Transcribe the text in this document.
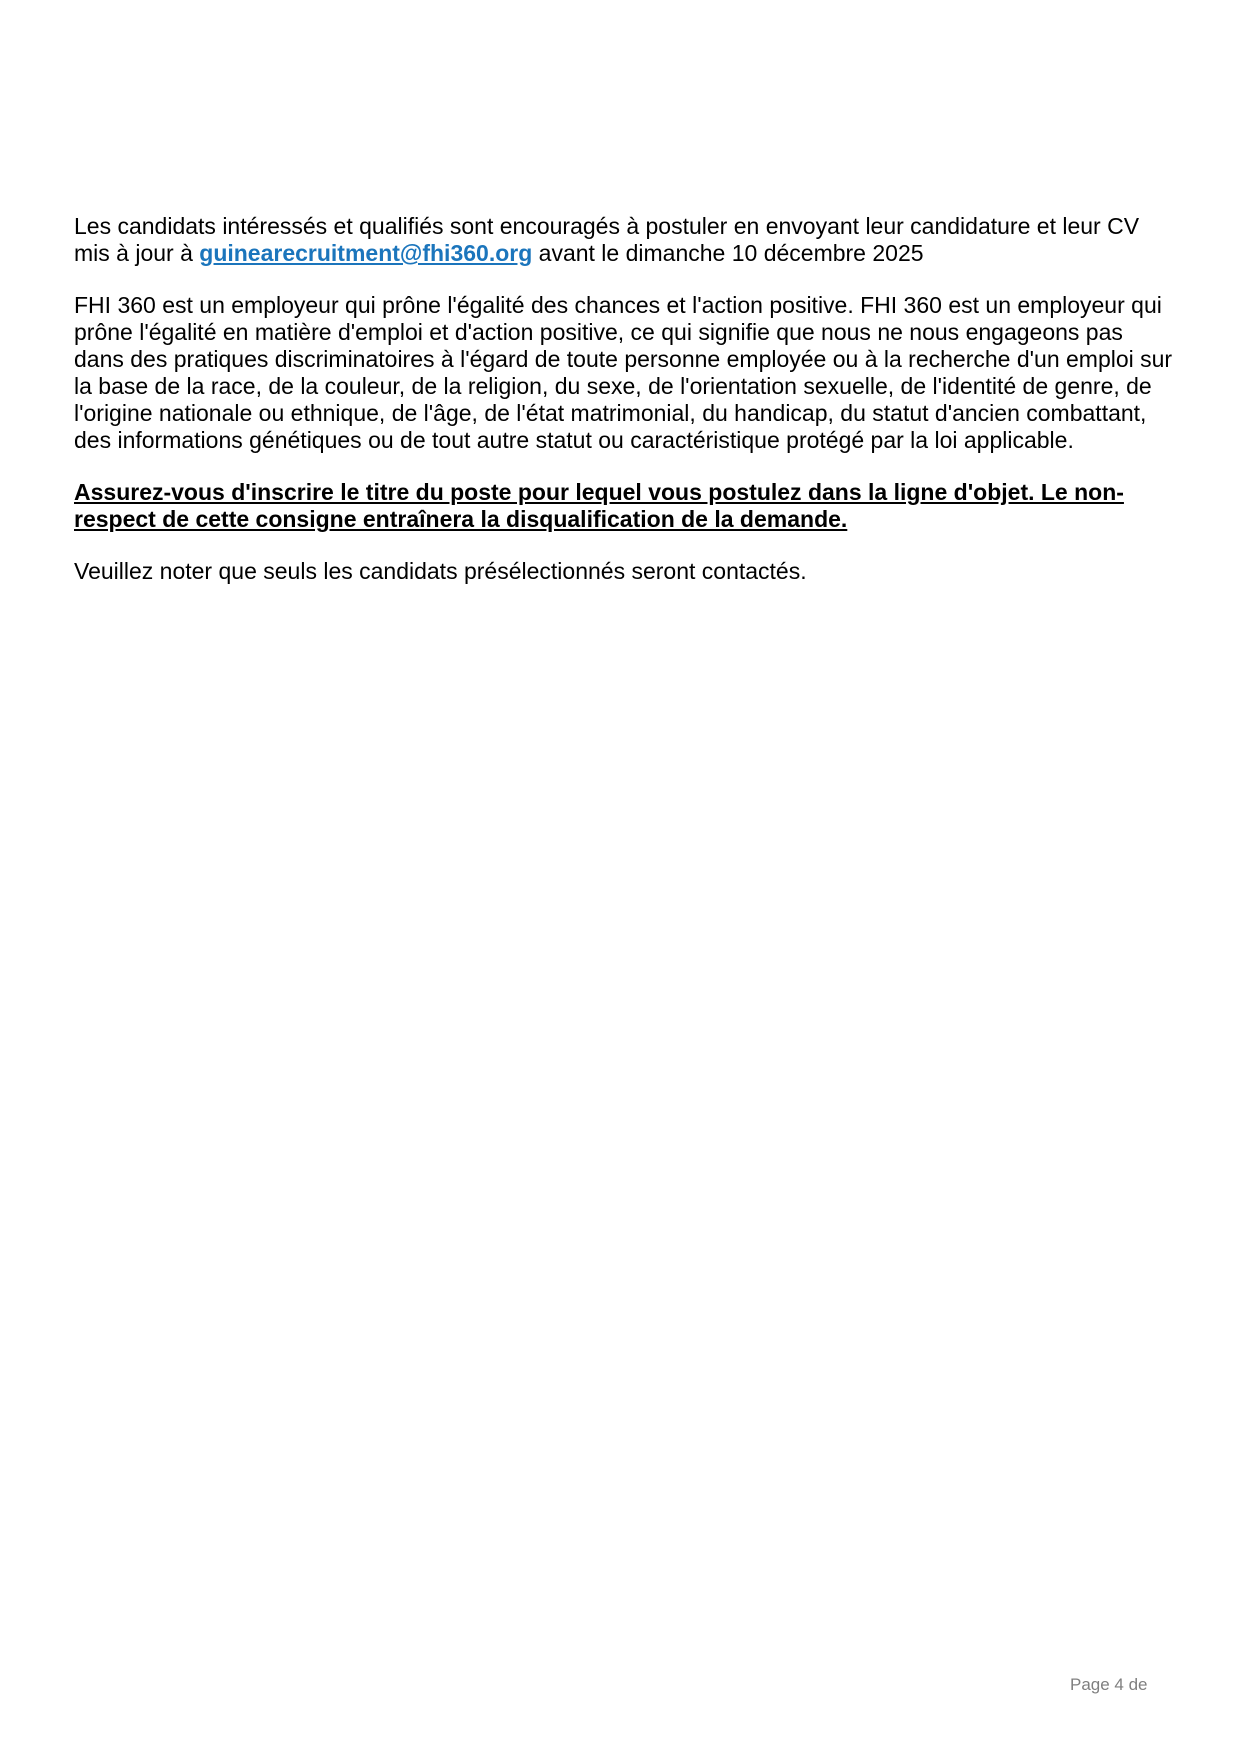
Les candidats intéressés et qualifiés sont encouragés à postuler en envoyant leur candidature et leur CV mis à jour à guinearecruitment@fhi360.org avant le dimanche 10 décembre 2025

FHI 360 est un employeur qui prône l'égalité des chances et l'action positive. FHI 360 est un employeur qui prône l'égalité en matière d'emploi et d'action positive, ce qui signifie que nous ne nous engageons pas dans des pratiques discriminatoires à l'égard de toute personne employée ou à la recherche d'un emploi sur la base de la race, de la couleur, de la religion, du sexe, de l'orientation sexuelle, de l'identité de genre, de l'origine nationale ou ethnique, de l'âge, de l'état matrimonial, du handicap, du statut d'ancien combattant, des informations génétiques ou de tout autre statut ou caractéristique protégé par la loi applicable.

Assurez-vous d'inscrire le titre du poste pour lequel vous postulez dans la ligne d'objet. Le non-respect de cette consigne entraînera la disqualification de la demande.

Veuillez noter que seuls les candidats présélectionnés seront contactés.

Page 4 de
